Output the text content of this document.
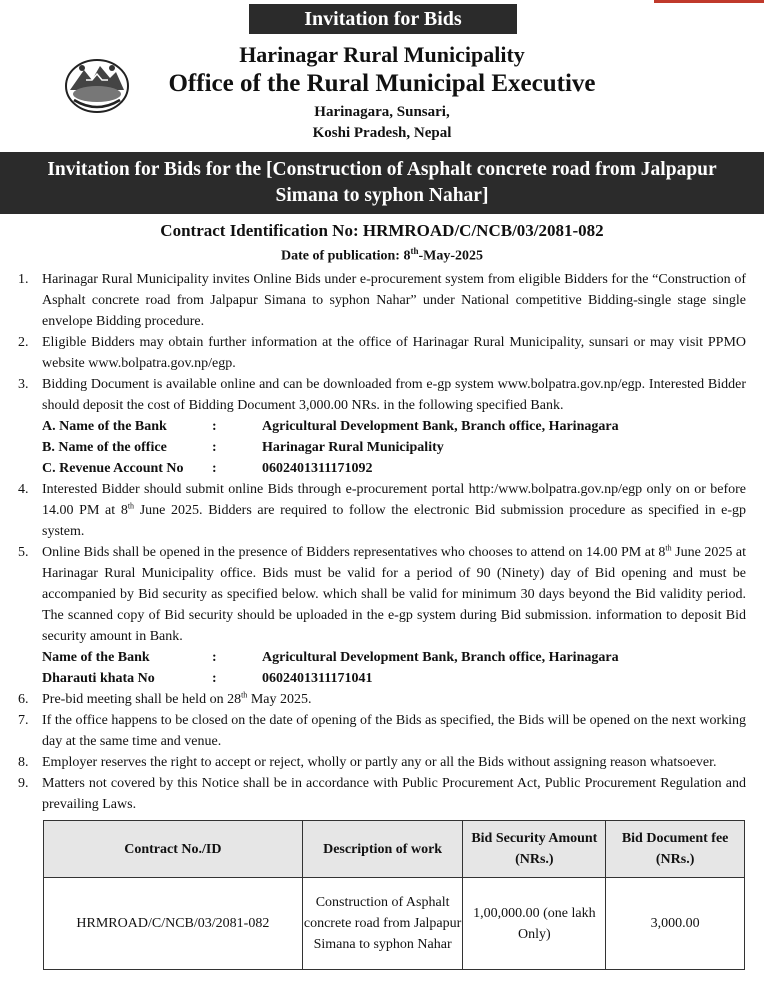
Invitation for Bids
Harinagar Rural Municipality
Office of the Rural Municipal Executive
Harinagara, Sunsari,
Koshi Pradesh, Nepal
Invitation for Bids for the [Construction of Asphalt concrete road from Jalpapur Simana to syphon Nahar]
Contract Identification No: HRMROAD/C/NCB/03/2081-082
Date of publication: 8th-May-2025
1. Harinagar Rural Municipality invites Online Bids under e-procurement system from eligible Bidders for the “Construction of Asphalt concrete road from Jalpapur Simana to syphon Nahar” under National competitive Bidding-single stage single envelope Bidding procedure.
2. Eligible Bidders may obtain further information at the office of Harinagar Rural Municipality, sunsari or may visit PPMO website www.bolpatra.gov.np/egp.
3. Bidding Document is available online and can be downloaded from e-gp system www.bolpatra.gov.np/egp. Interested Bidder should deposit the cost of Bidding Document 3,000.00 NRs. in the following specified Bank.
A. Name of the Bank	:	Agricultural Development Bank, Branch office, Harinagara
B. Name of the office	:	Harinagar Rural Municipality
C. Revenue Account No	:	0602401311171092
4. Interested Bidder should submit online Bids through e-procurement portal http:/www.bolpatra.gov.np/egp only on or before 14.00 PM at 8th June 2025. Bidders are required to follow the electronic Bid submission procedure as specified in e-gp system.
5. Online Bids shall be opened in the presence of Bidders representatives who chooses to attend on 14.00 PM at 8th June 2025 at Harinagar Rural Municipality office. Bids must be valid for a period of 90 (Ninety) day of Bid opening and must be accompanied by Bid security as specified below. which shall be valid for minimum 30 days beyond the Bid validity period. The scanned copy of Bid security should be uploaded in the e-gp system during Bid submission. information to deposit Bid security amount in Bank.
Name of the Bank	:	Agricultural Development Bank, Branch office, Harinagara
Dharauti khata No	:	0602401311171041
6. Pre-bid meeting shall be held on 28th May 2025.
7. If the office happens to be closed on the date of opening of the Bids as specified, the Bids will be opened on the next working day at the same time and venue.
8. Employer reserves the right to accept or reject, wholly or partly any or all the Bids without assigning reason whatsoever.
9. Matters not covered by this Notice shall be in accordance with Public Procurement Act, Public Procurement Regulation and prevailing Laws.
Contract No./ID	Description of work	Bid Security Amount (NRs.)	Bid Document fee (NRs.)
HRMROAD/C/NCB/03/2081-082	Construction of Asphalt concrete road from Jalpapur Simana to syphon Nahar	1,00,000.00 (one lakh Only)	3,000.00
